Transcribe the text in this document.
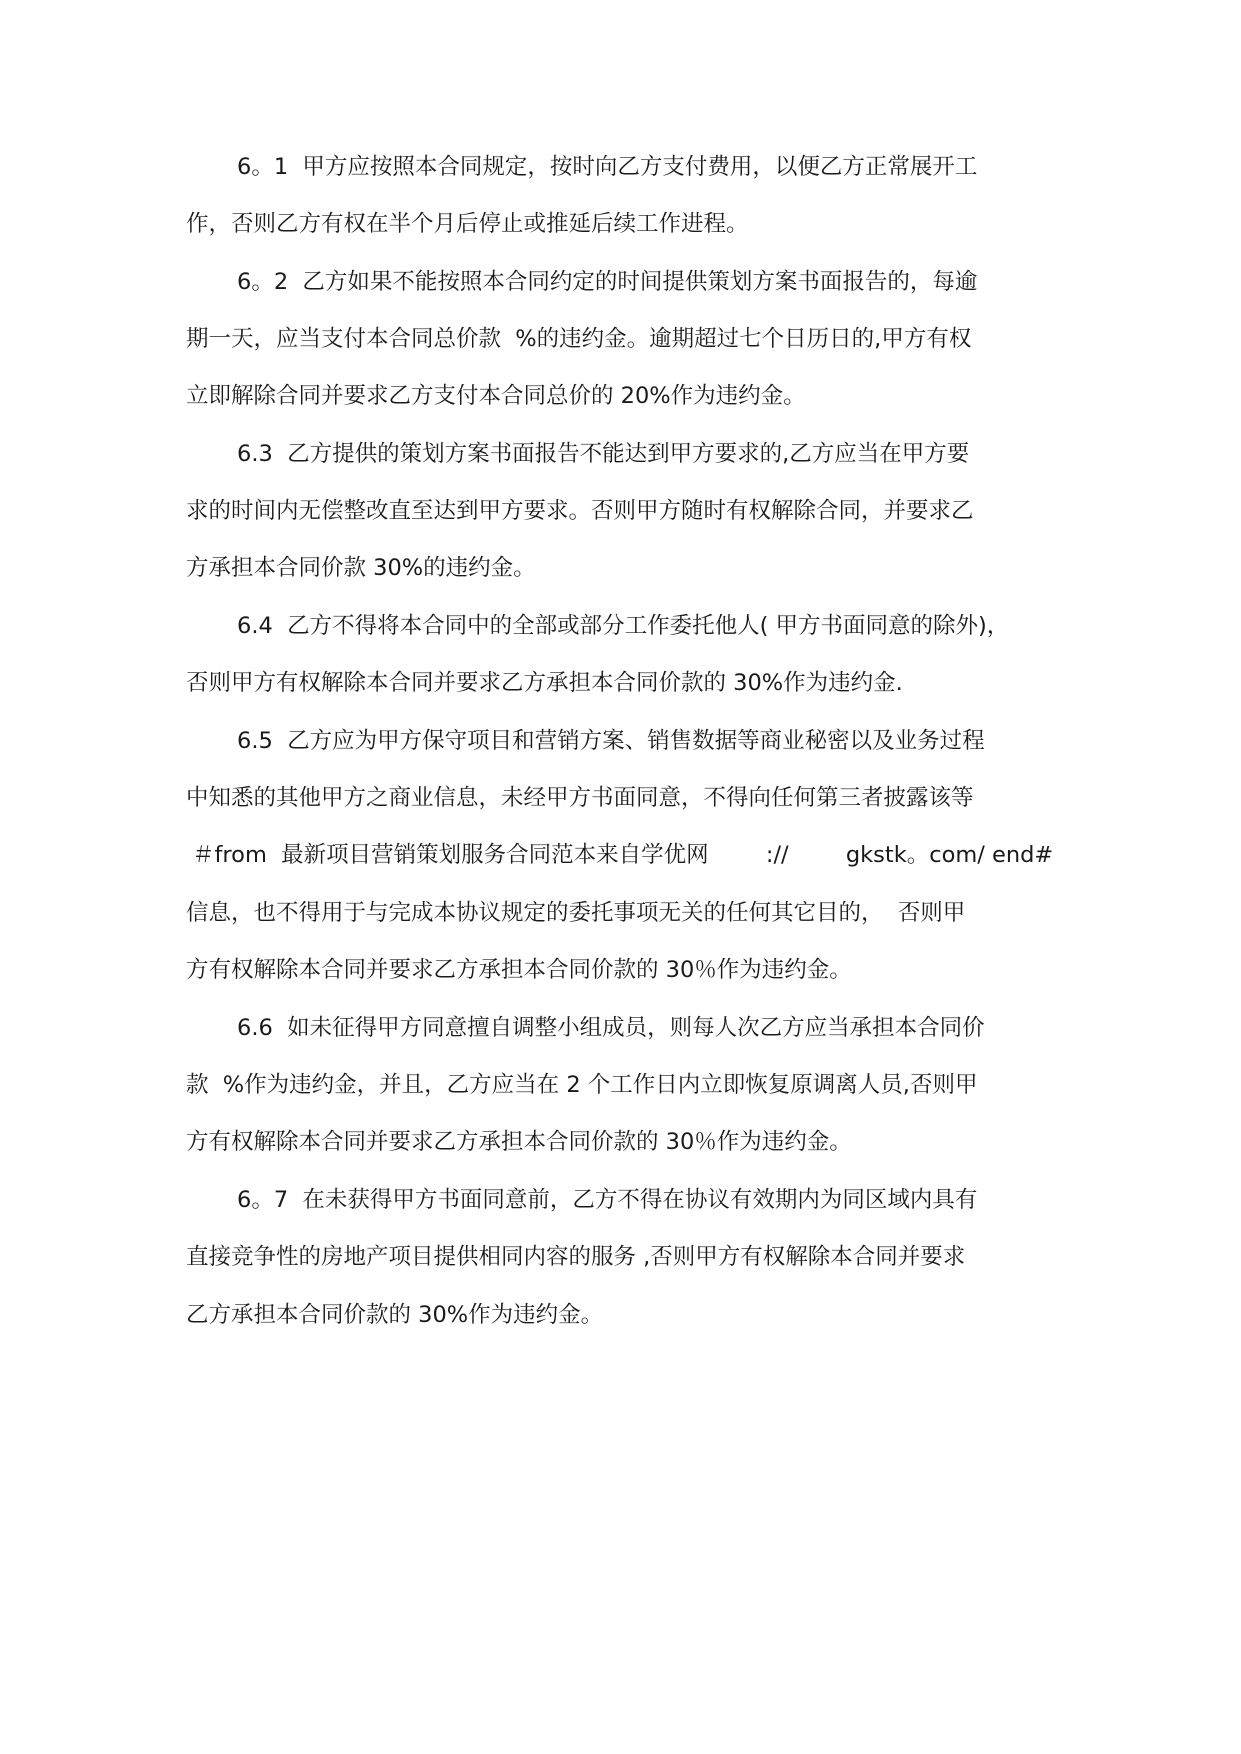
6。1  甲方应按照本合同规定，按时向乙方支付费用，以便乙方正常展开工

作，否则乙方有权在半个月后停止或推延后续工作进程。

6。2  乙方如果不能按照本合同约定的时间提供策划方案书面报告的，每逾

期一天，应当支付本合同总价款  %的违约金。逾期超过七个日历日的,甲方有权

立即解除合同并要求乙方支付本合同总价的 20%作为违约金。

6.3  乙方提供的策划方案书面报告不能达到甲方要求的,乙方应当在甲方要

求的时间内无偿整改直至达到甲方要求。否则甲方随时有权解除合同，并要求乙

方承担本合同价款 30%的违约金。

6.4  乙方不得将本合同中的全部或部分工作委托他人( 甲方书面同意的除外)，

否则甲方有权解除本合同并要求乙方承担本合同价款的 30%作为违约金.

6.5  乙方应为甲方保守项目和营销方案、销售数据等商业秘密以及业务过程

中知悉的其他甲方之商业信息，未经甲方书面同意，不得向任何第三者披露该等

＃from  最新项目营销策划服务合同范本来自学优网        ://        gkstk。com/ end#

信息，也不得用于与完成本协议规定的委托事项无关的任何其它目的，  否则甲

方有权解除本合同并要求乙方承担本合同价款的 30％作为违约金。

6.6  如未征得甲方同意擅自调整小组成员，则每人次乙方应当承担本合同价

款  %作为违约金，并且，乙方应当在 2 个工作日内立即恢复原调离人员,否则甲

方有权解除本合同并要求乙方承担本合同价款的 30％作为违约金。

6。7  在未获得甲方书面同意前，乙方不得在协议有效期内为同区域内具有

直接竞争性的房地产项目提供相同内容的服务 ,否则甲方有权解除本合同并要求

乙方承担本合同价款的 30%作为违约金。
